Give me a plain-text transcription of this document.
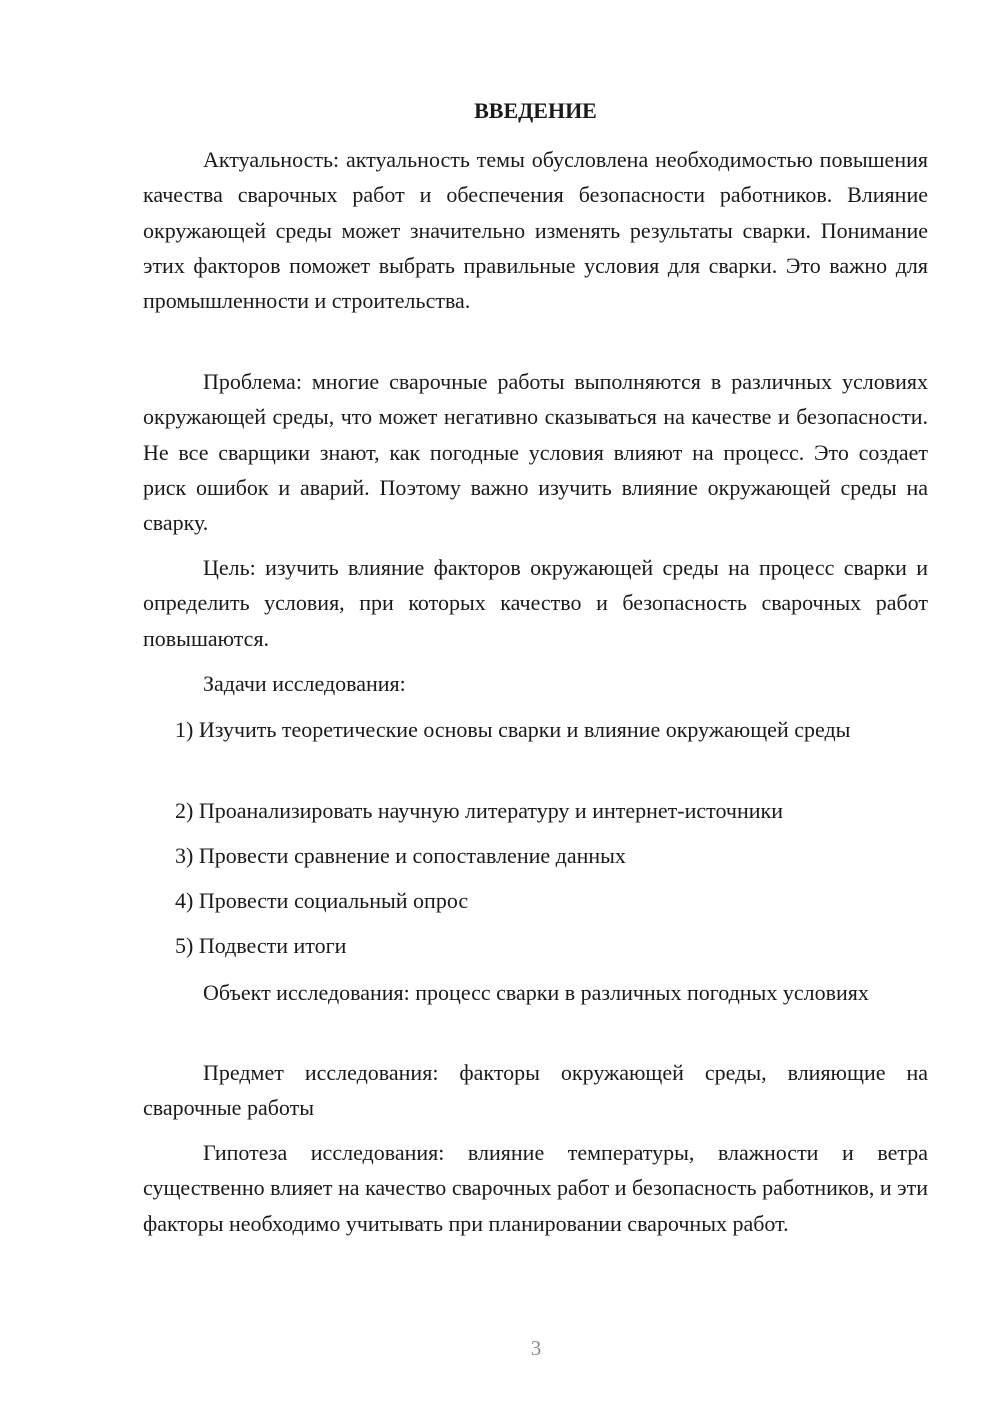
ВВЕДЕНИЕ

Актуальность: актуальность темы обусловлена необходимостью повышения качества сварочных работ и обеспечения безопасности работников. Влияние окружающей среды может значительно изменять результаты сварки. Понимание этих факторов поможет выбрать правильные условия для сварки. Это важно для промышленности и строительства.

Проблема: многие сварочные работы выполняются в различных условиях окружающей среды, что может негативно сказываться на качестве и безопасности. Не все сварщики знают, как погодные условия влияют на процесс. Это создает риск ошибок и аварий. Поэтому важно изучить влияние окружающей среды на сварку.

Цель: изучить влияние факторов окружающей среды на процесс сварки и определить условия, при которых качество и безопасность сварочных работ повышаются.

Задачи исследования:

1) Изучить теоретические основы сварки и влияние окружающей среды

2) Проанализировать научную литературу и интернет-источники

3) Провести сравнение и сопоставление данных

4) Провести социальный опрос

5) Подвести итоги

Объект исследования: процесс сварки в различных погодных условиях

Предмет исследования: факторы окружающей среды, влияющие на сварочные работы

Гипотеза исследования: влияние температуры, влажности и ветра существенно влияет на качество сварочных работ и безопасность работников, и эти факторы необходимо учитывать при планировании сварочных работ.

3
